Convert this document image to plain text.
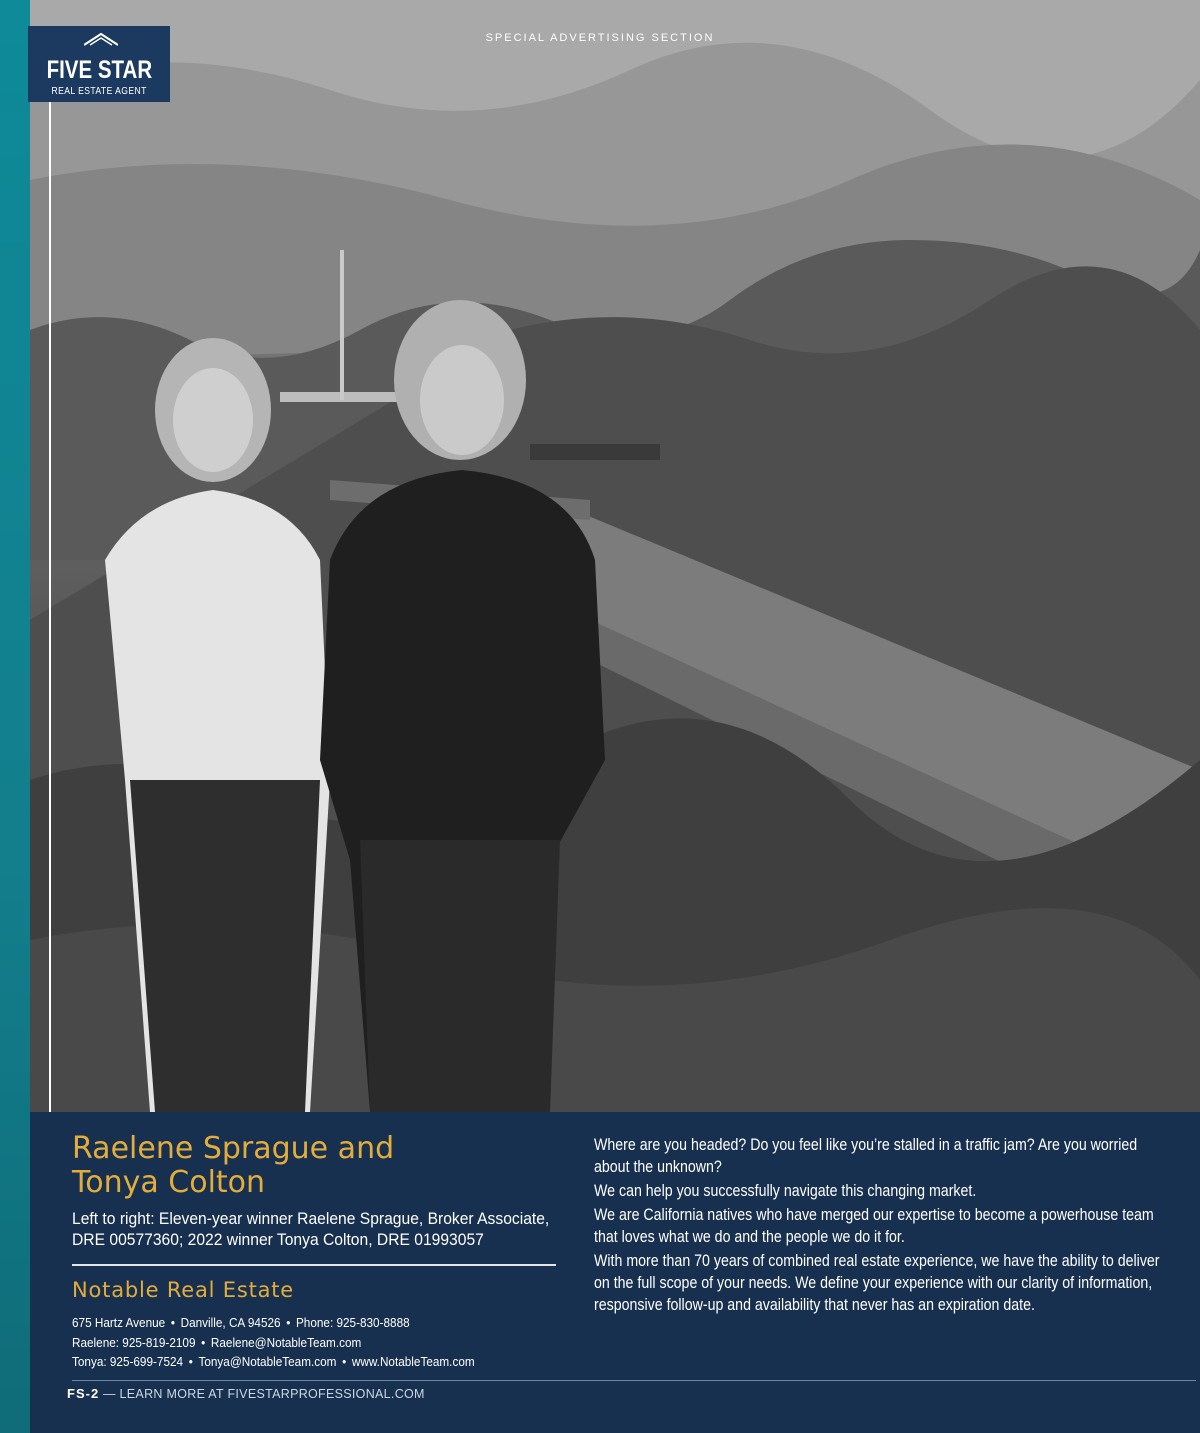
FIVE STAR
REAL ESTATE AGENT
SPECIAL ADVERTISING SECTION
Raelene Sprague and
Tonya Colton
Left to right: Eleven-year winner Raelene Sprague, Broker Associate,
DRE 00577360; 2022 winner Tonya Colton, DRE 01993057
Notable Real Estate
675 Hartz Avenue • Danville, CA 94526 • Phone: 925-830-8888
Raelene: 925-819-2109 • Raelene@NotableTeam.com
Tonya: 925-699-7524 • Tonya@NotableTeam.com • www.NotableTeam.com

Where are you headed? Do you feel like you’re stalled in a traffic jam? Are you worried about the unknown?

We can help you successfully navigate this changing market.

We are California natives who have merged our expertise to become a powerhouse team that loves what we do and the people we do it for.

With more than 70 years of combined real estate experience, we have the ability to deliver on the full scope of your needs. We define your experience with our clarity of information, responsive follow-up and availability that never has an expiration date.

FS-2 — LEARN MORE AT FIVESTARPROFESSIONAL.COM
